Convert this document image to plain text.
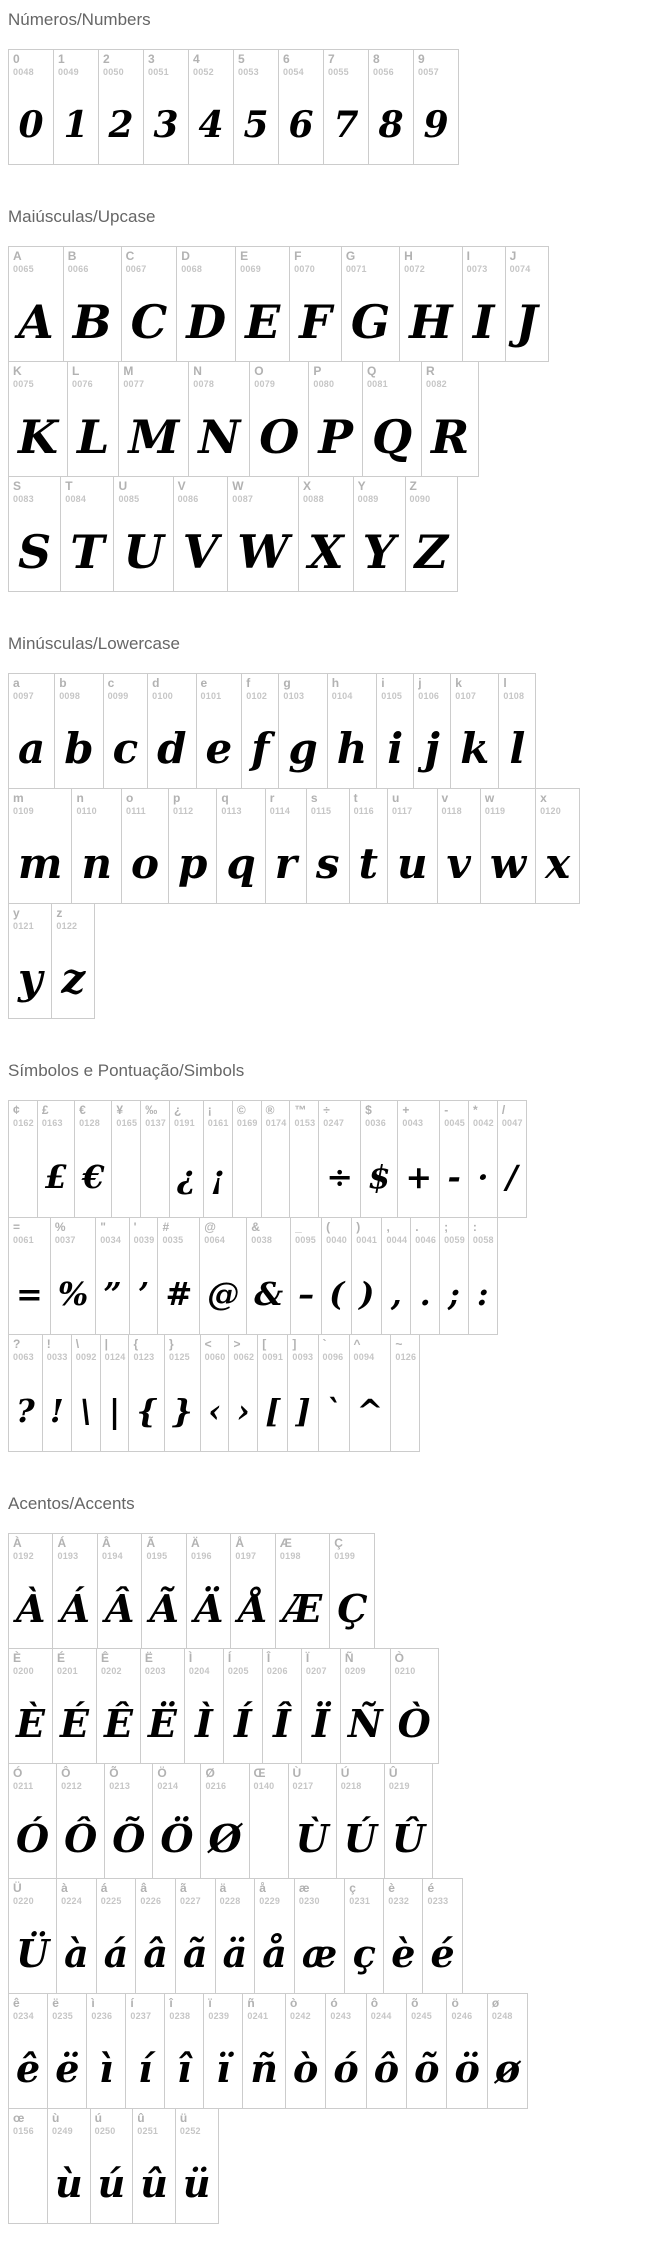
Números/Numbers
0
0048
0
1
0049
1
2
0050
2
3
0051
3
4
0052
4
5
0053
5
6
0054
6
7
0055
7
8
0056
8
9
0057
9
Maiúsculas/Upcase
A
0065
A
B
0066
B
C
0067
C
D
0068
D
E
0069
E
F
0070
F
G
0071
G
H
0072
H
I
0073
I
J
0074
J
K
0075
K
L
0076
L
M
0077
M
N
0078
N
O
0079
O
P
0080
P
Q
0081
Q
R
0082
R
S
0083
S
T
0084
T
U
0085
U
V
0086
V
W
0087
W
X
0088
X
Y
0089
Y
Z
0090
Z
Minúsculas/Lowercase
a
0097
a
b
0098
b
c
0099
c
d
0100
d
e
0101
e
f
0102
f
g
0103
g
h
0104
h
i
0105
i
j
0106
j
k
0107
k
l
0108
l
m
0109
m
n
0110
n
o
0111
o
p
0112
p
q
0113
q
r
0114
r
s
0115
s
t
0116
t
u
0117
u
v
0118
v
w
0119
w
x
0120
x
y
0121
y
z
0122
z
Símbolos e Pontuação/Simbols
¢
0162
£
0163
£
€
0128
€
¥
0165
‰
0137
¿
0191
¿
¡
0161
¡
©
0169
®
0174
™
0153
÷
0247
÷
$
0036
$
+
0043
+
-
0045
-
*
0042
·
/
0047
/
=
0061
=
%
0037
%
"
0034
”
'
0039
’
#
0035
#
@
0064
@
&
0038
&
_
0095
–
(
0040
(
)
0041
)
,
0044
,
.
0046
.
;
0059
;
:
0058
:
?
0063
?
!
0033
!
\
0092
\
|
0124
|
{
0123
{
}
0125
}
<
0060
‹
>
0062
›
[
0091
[
]
0093
]
`
0096
`
^
0094
^
~
0126
Acentos/Accents
À
0192
À
Á
0193
Á
Â
0194
Â
Ã
0195
Ã
Ä
0196
Ä
Å
0197
Å
Æ
0198
Æ
Ç
0199
Ç
È
0200
È
É
0201
É
Ê
0202
Ê
Ë
0203
Ë
Ì
0204
Ì
Í
0205
Í
Î
0206
Î
Ï
0207
Ï
Ñ
0209
Ñ
Ò
0210
Ò
Ó
0211
Ó
Ô
0212
Ô
Õ
0213
Õ
Ö
0214
Ö
Ø
0216
Ø
Œ
0140
Ù
0217
Ù
Ú
0218
Ú
Û
0219
Û
Ü
0220
Ü
à
0224
à
á
0225
á
â
0226
â
ã
0227
ã
ä
0228
ä
å
0229
å
æ
0230
æ
ç
0231
ç
è
0232
è
é
0233
é
ê
0234
ê
ë
0235
ë
ì
0236
ì
í
0237
í
î
0238
î
ï
0239
ï
ñ
0241
ñ
ò
0242
ò
ó
0243
ó
ô
0244
ô
õ
0245
õ
ö
0246
ö
ø
0248
ø
œ
0156
ù
0249
ù
ú
0250
ú
û
0251
û
ü
0252
ü
